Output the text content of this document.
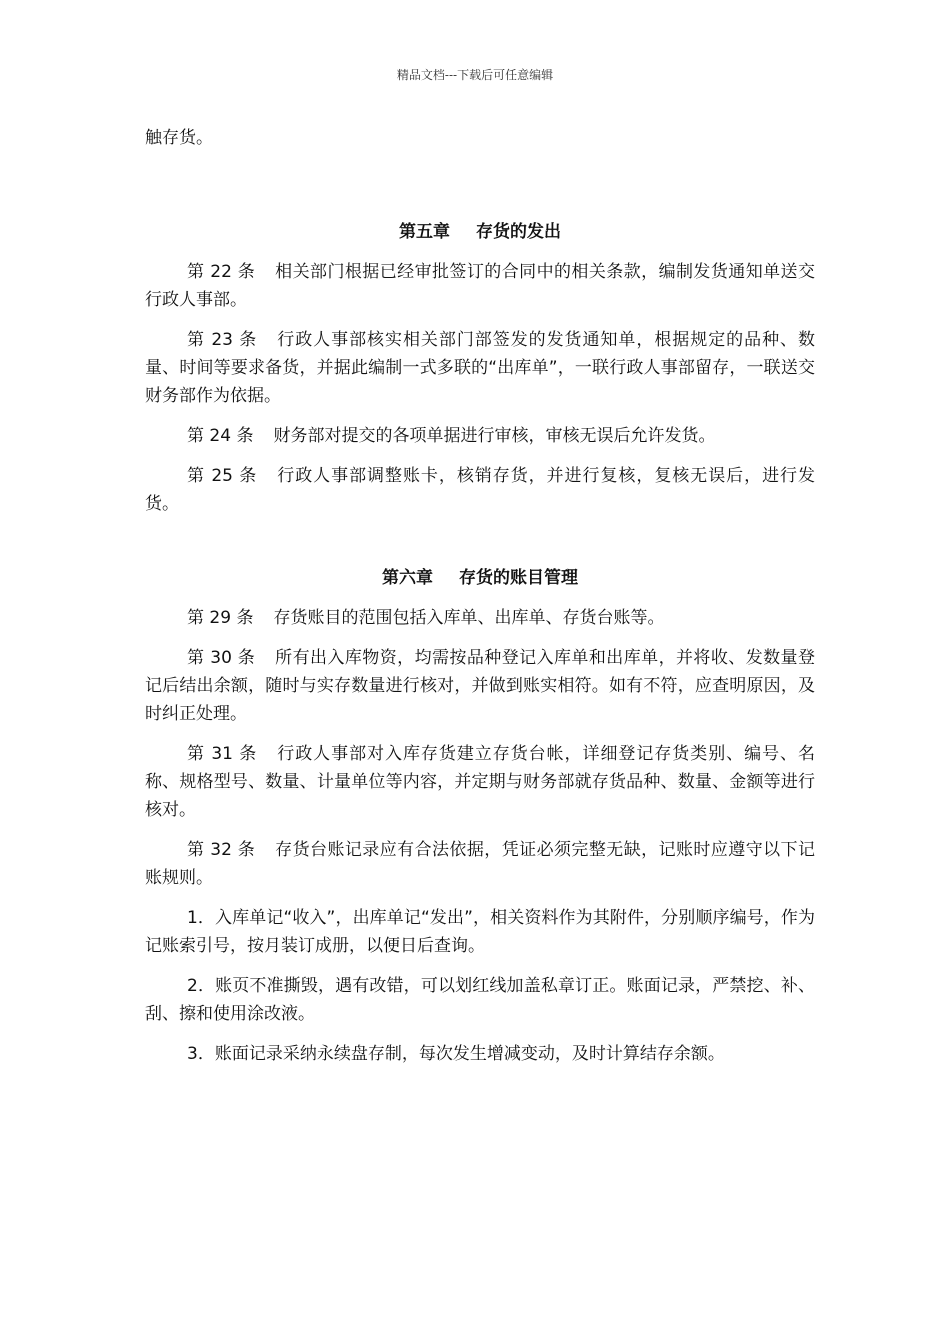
精品文档---下载后可任意编辑

触存货。

第五章 存货的发出

第 22 条 相关部门根据已经审批签订的合同中的相关条款，编制发货通知单送交行政人事部。

第 23 条 行政人事部核实相关部门部签发的发货通知单，根据规定的品种、数量、时间等要求备货，并据此编制一式多联的“出库单”，一联行政人事部留存，一联送交财务部作为依据。

第 24 条 财务部对提交的各项单据进行审核，审核无误后允许发货。

第 25 条 行政人事部调整账卡，核销存货，并进行复核，复核无误后，进行发货。

第六章 存货的账目管理

第 29 条 存货账目的范围包括入库单、出库单、存货台账等。

第 30 条 所有出入库物资，均需按品种登记入库单和出库单，并将收、发数量登记后结出余额，随时与实存数量进行核对，并做到账实相符。如有不符，应查明原因，及时纠正处理。

第 31 条 行政人事部对入库存货建立存货台帐，详细登记存货类别、编号、名称、规格型号、数量、计量单位等内容，并定期与财务部就存货品种、数量、金额等进行核对。

第 32 条 存货台账记录应有合法依据，凭证必须完整无缺，记账时应遵守以下记账规则。

1．入库单记“收入”，出库单记“发出”，相关资料作为其附件，分别顺序编号，作为记账索引号，按月装订成册，以便日后查询。

2．账页不准撕毁，遇有改错，可以划红线加盖私章订正。账面记录，严禁挖、补、刮、擦和使用涂改液。

3．账面记录采纳永续盘存制，每次发生增减变动，及时计算结存余额。
